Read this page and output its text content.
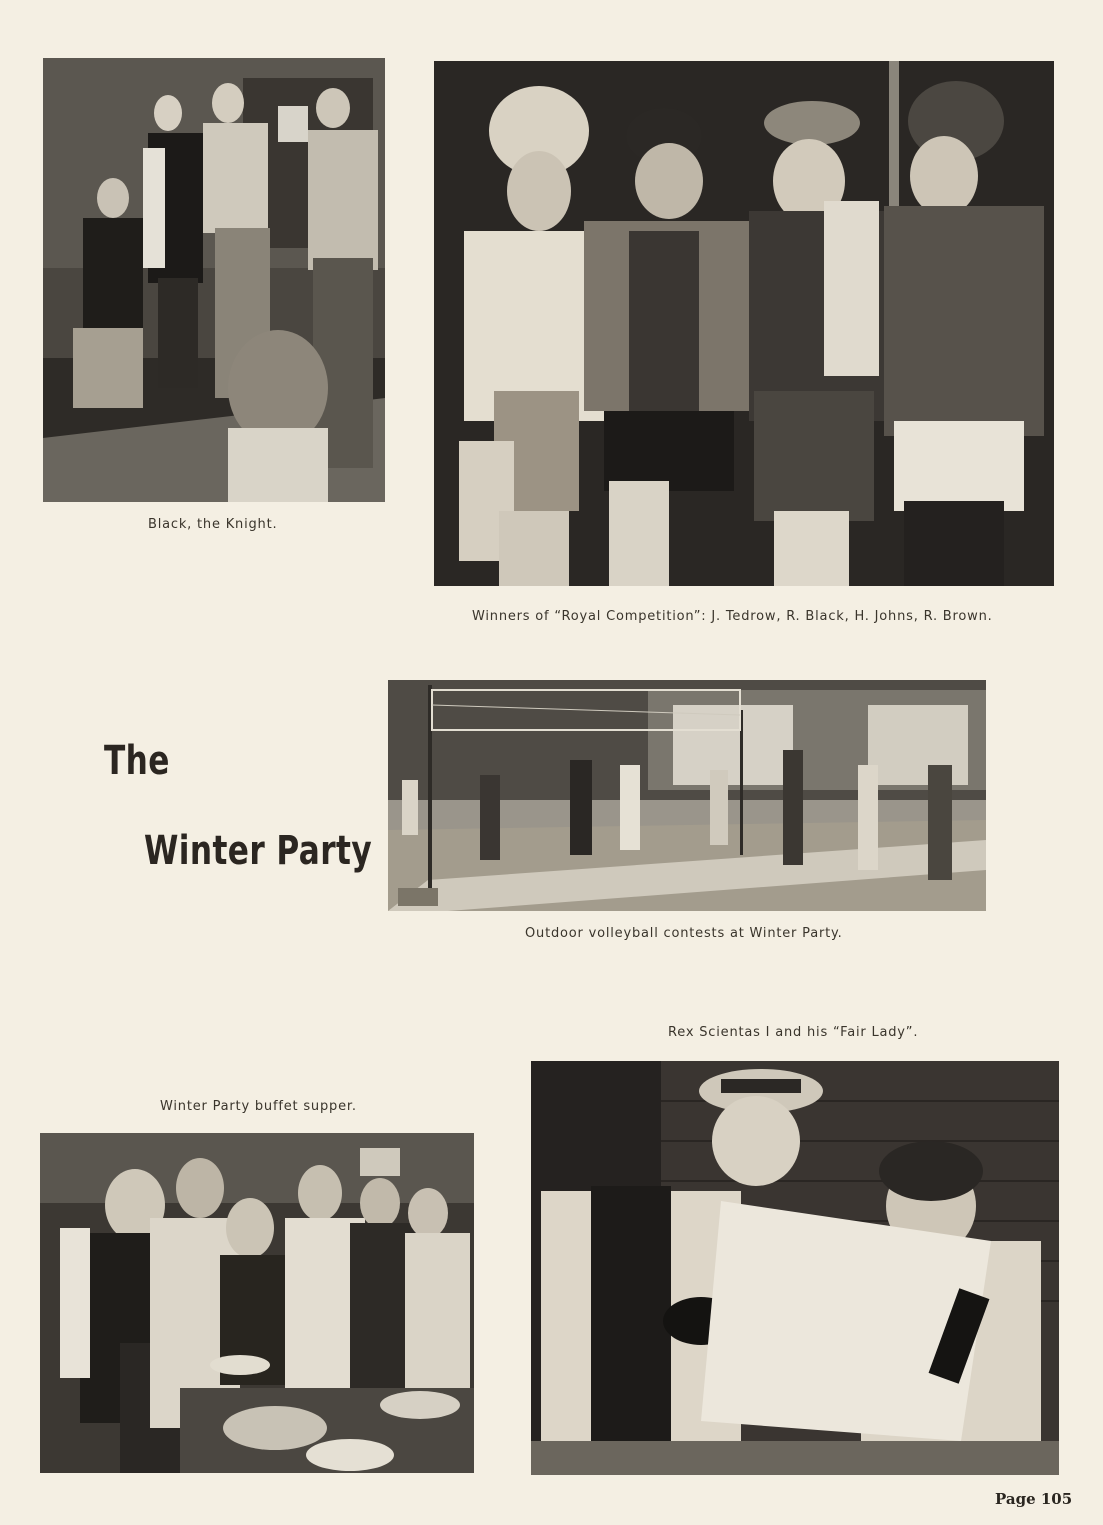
Black, the Knight.
Winners of “Royal Competition”: J. Tedrow, R. Black, H. Johns, R. Brown.
The
Winter Party
Outdoor volleyball contests at Winter Party.
Rex Scientas I and his “Fair Lady”.
Winter Party buffet supper.
Page 105
